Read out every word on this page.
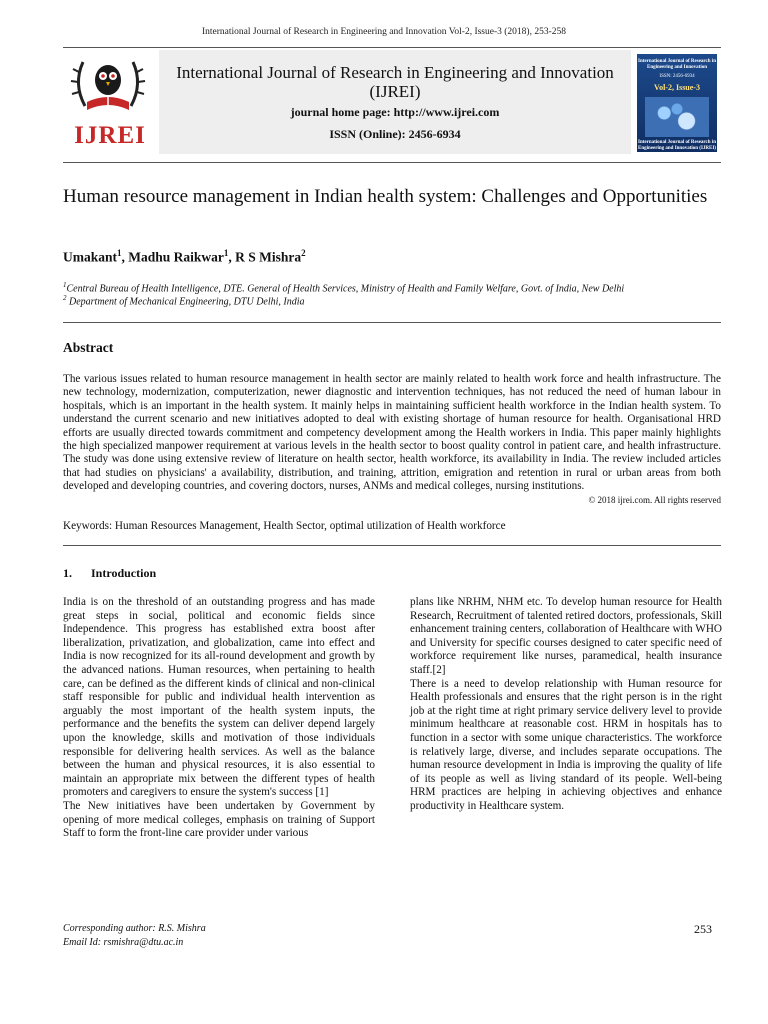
International Journal of Research in Engineering and Innovation Vol-2, Issue-3 (2018), 253-258
IJREI
International Journal of Research in Engineering and Innovation
(IJREI)
journal home page: http://www.ijrei.com
ISSN (Online): 2456-6934
International Journal of Research in Engineering and Innovation
ISSN: 2456-6934
Vol-2, Issue-3
International Journal of Research in Engineering and Innovation (IJREI)
Human resource management in Indian health system: Challenges and Opportunities
Umakant$^1$, Madhu Raikwar$^1$, R S Mishra$^2$
$^1$Central Bureau of Health Intelligence, DTE. General of Health Services, Ministry of Health and Family Welfare, Govt. of India, New Delhi
$^2$ Department of Mechanical Engineering, DTU Delhi, India
Abstract
The various issues related to human resource management in health sector are mainly related to health work force and health infrastructure. The new technology, modernization, computerization, newer diagnostic and intervention techniques, has not reduced the need of human labour in hospitals, which is an important in the health system. It mainly helps in maintaining sufficient health workforce in the Indian health system. To understand the current scenario and new initiatives adopted to deal with existing shortage of human resource for health. Organisational HRD efforts are usually directed towards commitment and competency development among the Health workers in India. This paper mainly highlights the high specialized manpower requirement at various levels in the health sector to boost quality control in patient care, and health infrastructure. The study was done using extensive review of literature on health sector, health workforce, its availability in India. The review included articles that had studies on physicians' a availability, distribution, and training, attrition, emigration and retention in rural or urban areas from both developed and developing countries, and covering doctors, nurses, ANMs and medical colleges, nursing institutions.
© 2018 ijrei.com. All rights reserved
Keywords: Human Resources Management, Health Sector, optimal utilization of Health workforce
1. Introduction

India is on the threshold of an outstanding progress and has made great steps in social, political and economic fields since Independence. This progress has established extra boost after liberalization, privatization, and globalization, came into effect and India is now recognized for its all-round development and growth by the advanced nations. Human resources, when pertaining to health care, can be defined as the different kinds of clinical and non-clinical staff responsible for public and individual health intervention as arguably the most important of the health system inputs, the performance and the benefits the system can deliver depend largely upon the knowledge, skills and motivation of those individuals responsible for delivering health services. As well as the balance between the human and physical resources, it is also essential to maintain an appropriate mix between the different types of health promoters and caregivers to ensure the system's success [1]

The New initiatives have been undertaken by Government by opening of more medical colleges, emphasis on training of Support Staff to form the front-line care provider under various

plans like NRHM, NHM etc. To develop human resource for Health Research, Recruitment of talented retired doctors, professionals, Skill enhancement training centers, collaboration of Healthcare with WHO and University for specific courses designed to cater specific need of workforce requirement like nurses, paramedical, health insurance staff.[2]

There is a need to develop relationship with Human resource for Health professionals and ensures that the right person is in the right job at the right time at right primary service delivery level to provide minimum healthcare at reasonable cost. HRM in hospitals has to function in a sector with some unique characteristics. The workforce is relatively large, diverse, and includes separate occupations. The human resource development in India is improving the quality of life of its people as well as living standard of its people. Well-being HRM practices are helping in achieving objectives and enhance productivity in Healthcare system.

Corresponding author: R.S. Mishra
Email Id: rsmishra@dtu.ac.in
253
